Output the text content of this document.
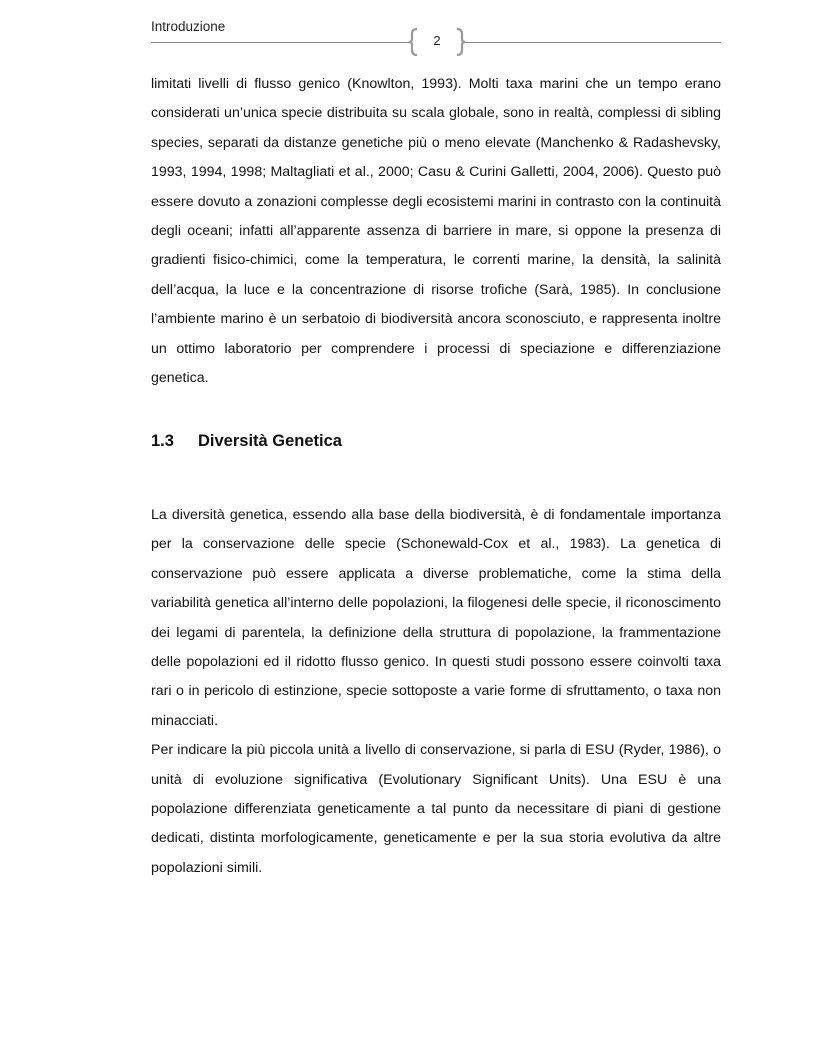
Introduzione
2

limitati livelli di flusso genico (Knowlton, 1993). Molti taxa marini che un tempo erano considerati un’unica specie distribuita su scala globale, sono in realtà, complessi di sibling species, separati da distanze genetiche più o meno elevate (Manchenko & Radashevsky, 1993, 1994, 1998; Maltagliati et al., 2000; Casu & Curini Galletti, 2004, 2006). Questo può essere dovuto a zonazioni complesse degli ecosistemi marini in contrasto con la continuità degli oceani; infatti all’apparente assenza di barriere in mare, si oppone la presenza di gradienti fisico-chimici, come la temperatura, le correnti marine, la densità, la salinità dell’acqua, la luce e la concentrazione di risorse trofiche (Sarà, 1985). In conclusione l’ambiente marino è un serbatoio di biodiversità ancora sconosciuto, e rappresenta inoltre un ottimo laboratorio per comprendere i processi di speciazione e differenziazione genetica.

1.3 Diversità Genetica

La diversità genetica, essendo alla base della biodiversità, è di fondamentale importanza per la conservazione delle specie (Schonewald-Cox et al., 1983). La genetica di conservazione può essere applicata a diverse problematiche, come la stima della variabilità genetica all’interno delle popolazioni, la filogenesi delle specie, il riconoscimento dei legami di parentela, la definizione della struttura di popolazione, la frammentazione delle popolazioni ed il ridotto flusso genico. In questi studi possono essere coinvolti taxa rari o in pericolo di estinzione, specie sottoposte a varie forme di sfruttamento, o taxa non minacciati.

Per indicare la più piccola unità a livello di conservazione, si parla di ESU (Ryder, 1986), o unità di evoluzione significativa (Evolutionary Significant Units). Una ESU è una popolazione differenziata geneticamente a tal punto da necessitare di piani di gestione dedicati, distinta morfologicamente, geneticamente e per la sua storia evolutiva da altre popolazioni simili.
